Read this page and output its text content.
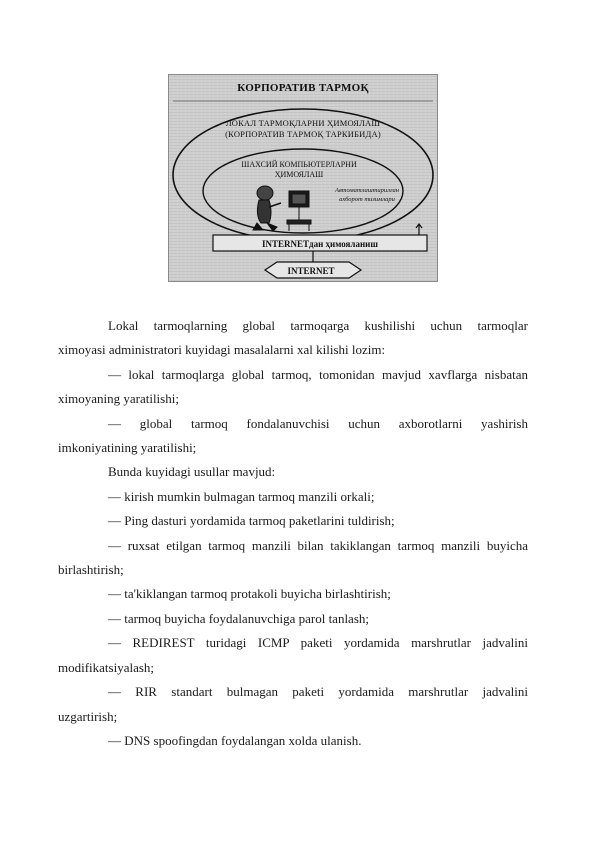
КОРПОРАТИВ ТАРМОҚ
ЛОКАЛ ТАРМОҚЛАРНИ ҲИМОЯЛАШ
(КОРПОРАТИВ ТАРМОҚ ТАРКИБИДА)
ШАХСИЙ КОМПЬЮТЕРЛАРНИ
ҲИМОЯЛАШ
Автоматлаштирилган
ахборот тизимлари
INTERNETдан ҳимояланиш
INTERNET
Lokal tarmoqlarning global tarmoqarga kushilishi uchun tarmoqlar
ximoyasi administratori kuyidagi masalalarni xal kilishi lozim:
— lokal tarmoqlarga global tarmoq, tomonidan mavjud xavflarga nisbatan
ximoyaning yaratilishi;
— global tarmoq fondalanuvchisi uchun axborotlarni yashirish
imkoniyatining yaratilishi;
Bunda kuyidagi usullar mavjud:
— kirish mumkin bulmagan tarmoq manzili orkali;
— Ping dasturi yordamida tarmoq paketlarini tuldirish;
— ruxsat etilgan tarmoq manzili bilan takiklangan tarmoq manzili buyicha
birlashtirish;
— ta'kiklangan tarmoq protakoli buyicha birlashtirish;
— tarmoq buyicha foydalanuvchiga parol tanlash;
— REDIREST turidagi ICMP paketi yordamida marshrutlar jadvalini
modifikatsiyalash;
— RIR standart bulmagan paketi yordamida marshrutlar jadvalini
uzgartirish;
— DNS spoofingdan foydalangan xolda ulanish.
